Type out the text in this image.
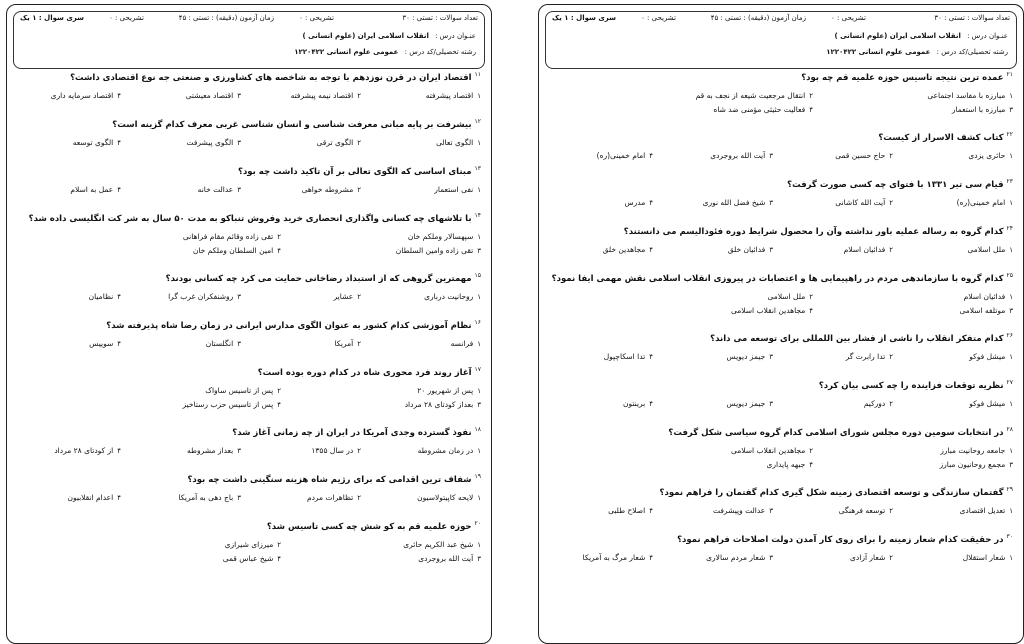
تعداد سوالات : تستی : ۳۰
تشریحی : ۰
زمان آزمون (دقیقه) : تستی : ۴۵
تشریحی : ۰
سری سوال : ۱ یک
عنـوان درس : انقلاب اسلامی ایران (علوم انسانی )
رشته تحصیلی/کد درس : عمومی علوم انسانی ۱۲۲۰۴۲۲
$^{۱۱}$اقتصاد ایران در قرن نوزدهم با توجه به شاخصه های کشاورزی و صنعتی جه نوع اقتصادی داشت؟
۱اقتصاد پیشرفته
۲اقتصاد نیمه پیشرفته
۳اقتصاد معیشتی
۴اقتصاد سرمایه داری
$^{۱۲}$بیشرفت بر پایه مبانی معرفت شناسی و انسان شناسی غربی معرف کدام گزینه است؟
۱الگوی تعالی
۲الگوی ترقی
۳الگوی پیشرفت
۴الگوی توسعه
$^{۱۳}$مبنای اساسی که الگوی تعالی بر آن تاکید داشت چه بود؟
۱نفی استعمار
۲مشروطه خواهی
۳عدالت خانه
۴عمل به اسلام
$^{۱۴}$با تلاشهای چه کسانی واگذاری انحصاری خرید وفروش تنباکو به مدت ۵۰ سال به شر کت انگلیسی داده شد؟
۱سپهسالار وملکم خان
۲تقی زاده وقائم مقام فراهانی
۳تقی زاده وامین السلطان
۴امین السلطان وملکم خان
$^{۱۵}$مهمترین گروهی که از استبداد رضاخانی حمایت می کرد چه کسانی بودند؟
۱روحانیت درباری
۲عشایر
۳روشنفکران غرب گرا
۴نظامیان
$^{۱۶}$نظام آموزشی کدام کشور به عنوان الگوی مدارس ایرانی در زمان رضا شاه پذیرفته شد؟
۱فرانسه
۲آمریکا
۳انگلستان
۴سوییس
$^{۱۷}$آغاز روند فرد محوری شاه در کدام دوره بوده است؟
۱پس از شهریور ۲۰
۲پس از تاسیس ساواک
۳بعداز کودتای ۲۸ مرداد
۴پس از تاسیس حزب رستاخیز
$^{۱۸}$نفوذ گسترده وجدی آمریکا در ایران از چه زمانی آغاز شد؟
۱در زمان مشروطه
۲در سال ۱۳۵۵
۳بعداز مشروطه
۴از کودتای ۲۸ مرداد
$^{۱۹}$شفاف ترین اقدامی که برای رژیم شاه هزینه سنگینی داشت چه بود؟
۱لایحه کاپیتولاسیون
۲تظاهرات مردم
۳باج دهی به آمریکا
۴اعدام انقلابیون
$^{۲۰}$حوزه علمیه قم به کو شش چه کسی تاسیس شد؟
۱شیخ عبد الکریم حائری
۲میرزای شیرازی
۳آیت الله بروجردی
۴شیخ عباس قمی
تعداد سوالات : تستی : ۳۰
تشریحی : ۰
زمان آزمون (دقیقه) : تستی : ۴۵
تشریحی : ۰
سری سوال : ۱ یک
عنـوان درس : انقلاب اسلامی ایران (علوم انسانی )
رشته تحصیلی/کد درس : عمومی علوم انسانی ۱۲۲۰۴۲۲
$^{۲۱}$عمده ترین نتیجه تاسیس حوزه علمیه قم چه بود؟
۱مبارزه با مفاسد اجتماعی
۲انتقال مرجعیت شیعه از نجف به قم
۳مبارزه با استعمار
۴فعالیت حثیثی مؤمنی ضد شاه
$^{۲۲}$کتاب کشف الاسرار از کیست؟
۱حائری یزدی
۲حاج حسین قمی
۳آیت الله بروجردی
۴امام خمینی(ره)
$^{۲۳}$قیام سی تیر ۱۳۳۱ با فتوای چه کسی صورت گرفت؟
۱امام خمینی(ره)
۲آیت الله کاشانی
۳شیخ فضل الله نوری
۴مدرس
$^{۲۴}$کدام گروه به رساله عملیه باور نداشته وآن را محصول شرایط دوره فئودالیسم می دانستند؟
۱ملل اسلامی
۲فدائیان اسلام
۳فدائیان خلق
۴مجاهدین خلق
$^{۲۵}$کدام گروه با سازماندهی مردم در راهپیمایی ها و اعتصابات در پیروزی انقلاب اسلامی نقش مهمی ایفا نمود؟
۱فدائیان اسلام
۲ملل اسلامی
۳موتلفه اسلامی
۴مجاهدین انقلاب اسلامی
$^{۲۶}$کدام متفکر انقلاب را ناشی از فشار بین اللمللی برای توسعه می داند؟
۱میشل فوکو
۲تدا رابرت گر
۳جیمز دیویس
۴تدا اسکاچپول
$^{۲۷}$نظریه توقعات فزاینده را چه کسی بیان کرد؟
۱میشل فوکو
۲دورکیم
۳جیمز دیویس
۴برینتون
$^{۲۸}$در انتخابات سومین دوره مجلس شورای اسلامی کدام گروه سیاسی شکل گرفت؟
۱جامعه روحانیت مبارز
۲مجاهدین انقلاب اسلامی
۳مجمع روحانیون مبارز
۴جبهه پایداری
$^{۲۹}$گفتمان سازندگی و توسعه اقتصادی زمینه شکل گیری کدام گفتمان را فراهم نمود؟
۱تعدیل اقتصادی
۲توسعه فرهنگی
۳عدالت وپیشرفت
۴اصلاح طلبی
$^{۳۰}$در حقیقت کدام شعار زمینه را برای روی کار آمدن دولت اصلاحات فراهم نمود؟
۱شعار استقلال
۲شعار آزادی
۳شعار مردم سالاری
۴شعار مرگ به آمریکا
